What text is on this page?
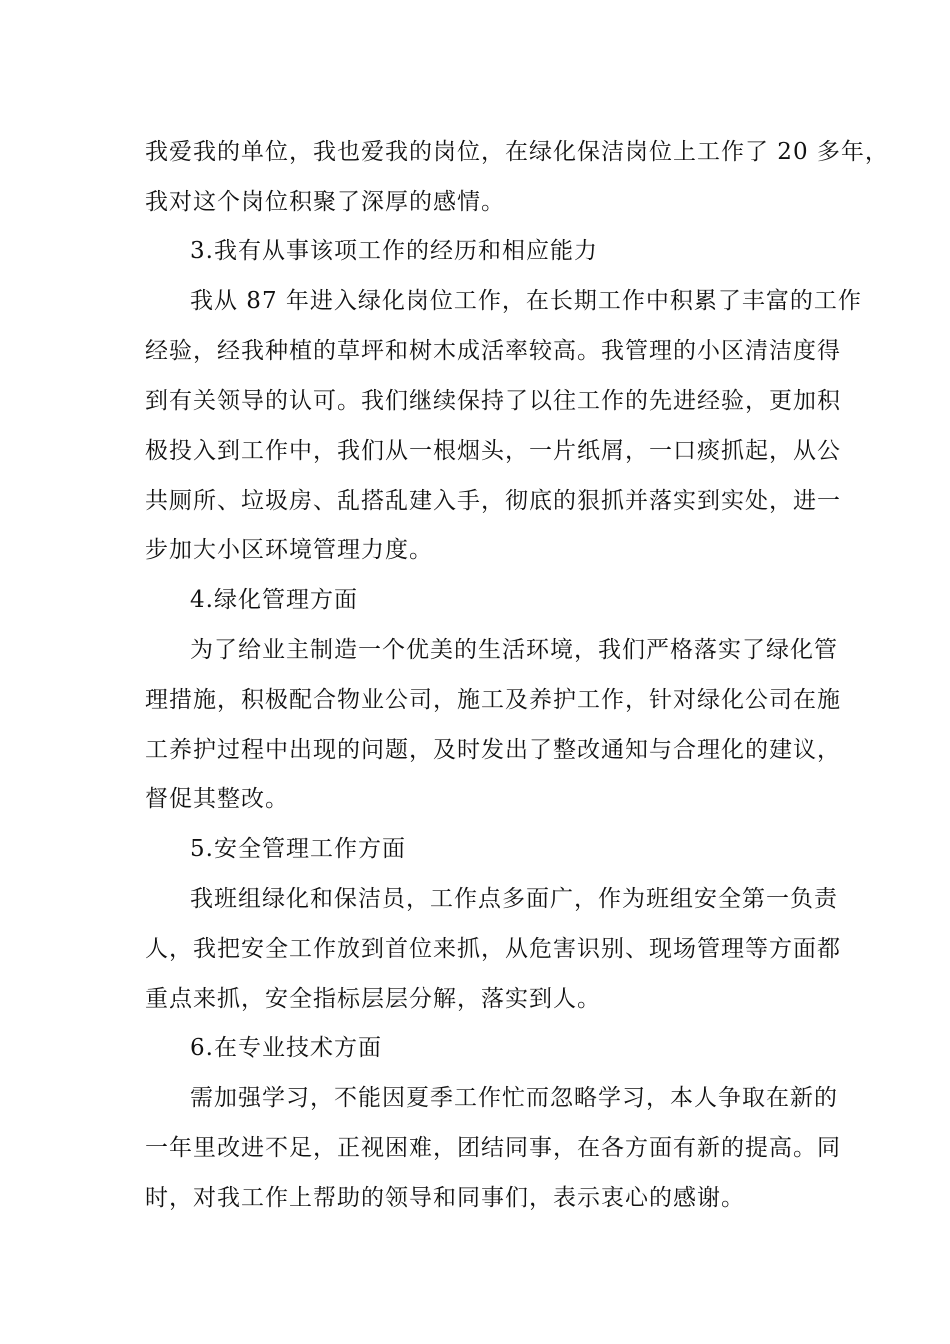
我爱我的单位，我也爱我的岗位，在绿化保洁岗位上工作了 20 多年，
我对这个岗位积聚了深厚的感情。
3.我有从事该项工作的经历和相应能力
我从 87 年进入绿化岗位工作，在长期工作中积累了丰富的工作
经验，经我种植的草坪和树木成活率较高。我管理的小区清洁度得
到有关领导的认可。我们继续保持了以往工作的先进经验，更加积
极投入到工作中，我们从一根烟头，一片纸屑，一口痰抓起，从公
共厕所、垃圾房、乱搭乱建入手，彻底的狠抓并落实到实处，进一
步加大小区环境管理力度。
4.绿化管理方面
为了给业主制造一个优美的生活环境，我们严格落实了绿化管
理措施，积极配合物业公司，施工及养护工作，针对绿化公司在施
工养护过程中出现的问题，及时发出了整改通知与合理化的建议，
督促其整改。
5.安全管理工作方面
我班组绿化和保洁员，工作点多面广，作为班组安全第一负责
人，我把安全工作放到首位来抓，从危害识别、现场管理等方面都
重点来抓，安全指标层层分解，落实到人。
6.在专业技术方面
需加强学习，不能因夏季工作忙而忽略学习，本人争取在新的
一年里改进不足，正视困难，团结同事，在各方面有新的提高。同
时，对我工作上帮助的领导和同事们，表示衷心的感谢。
